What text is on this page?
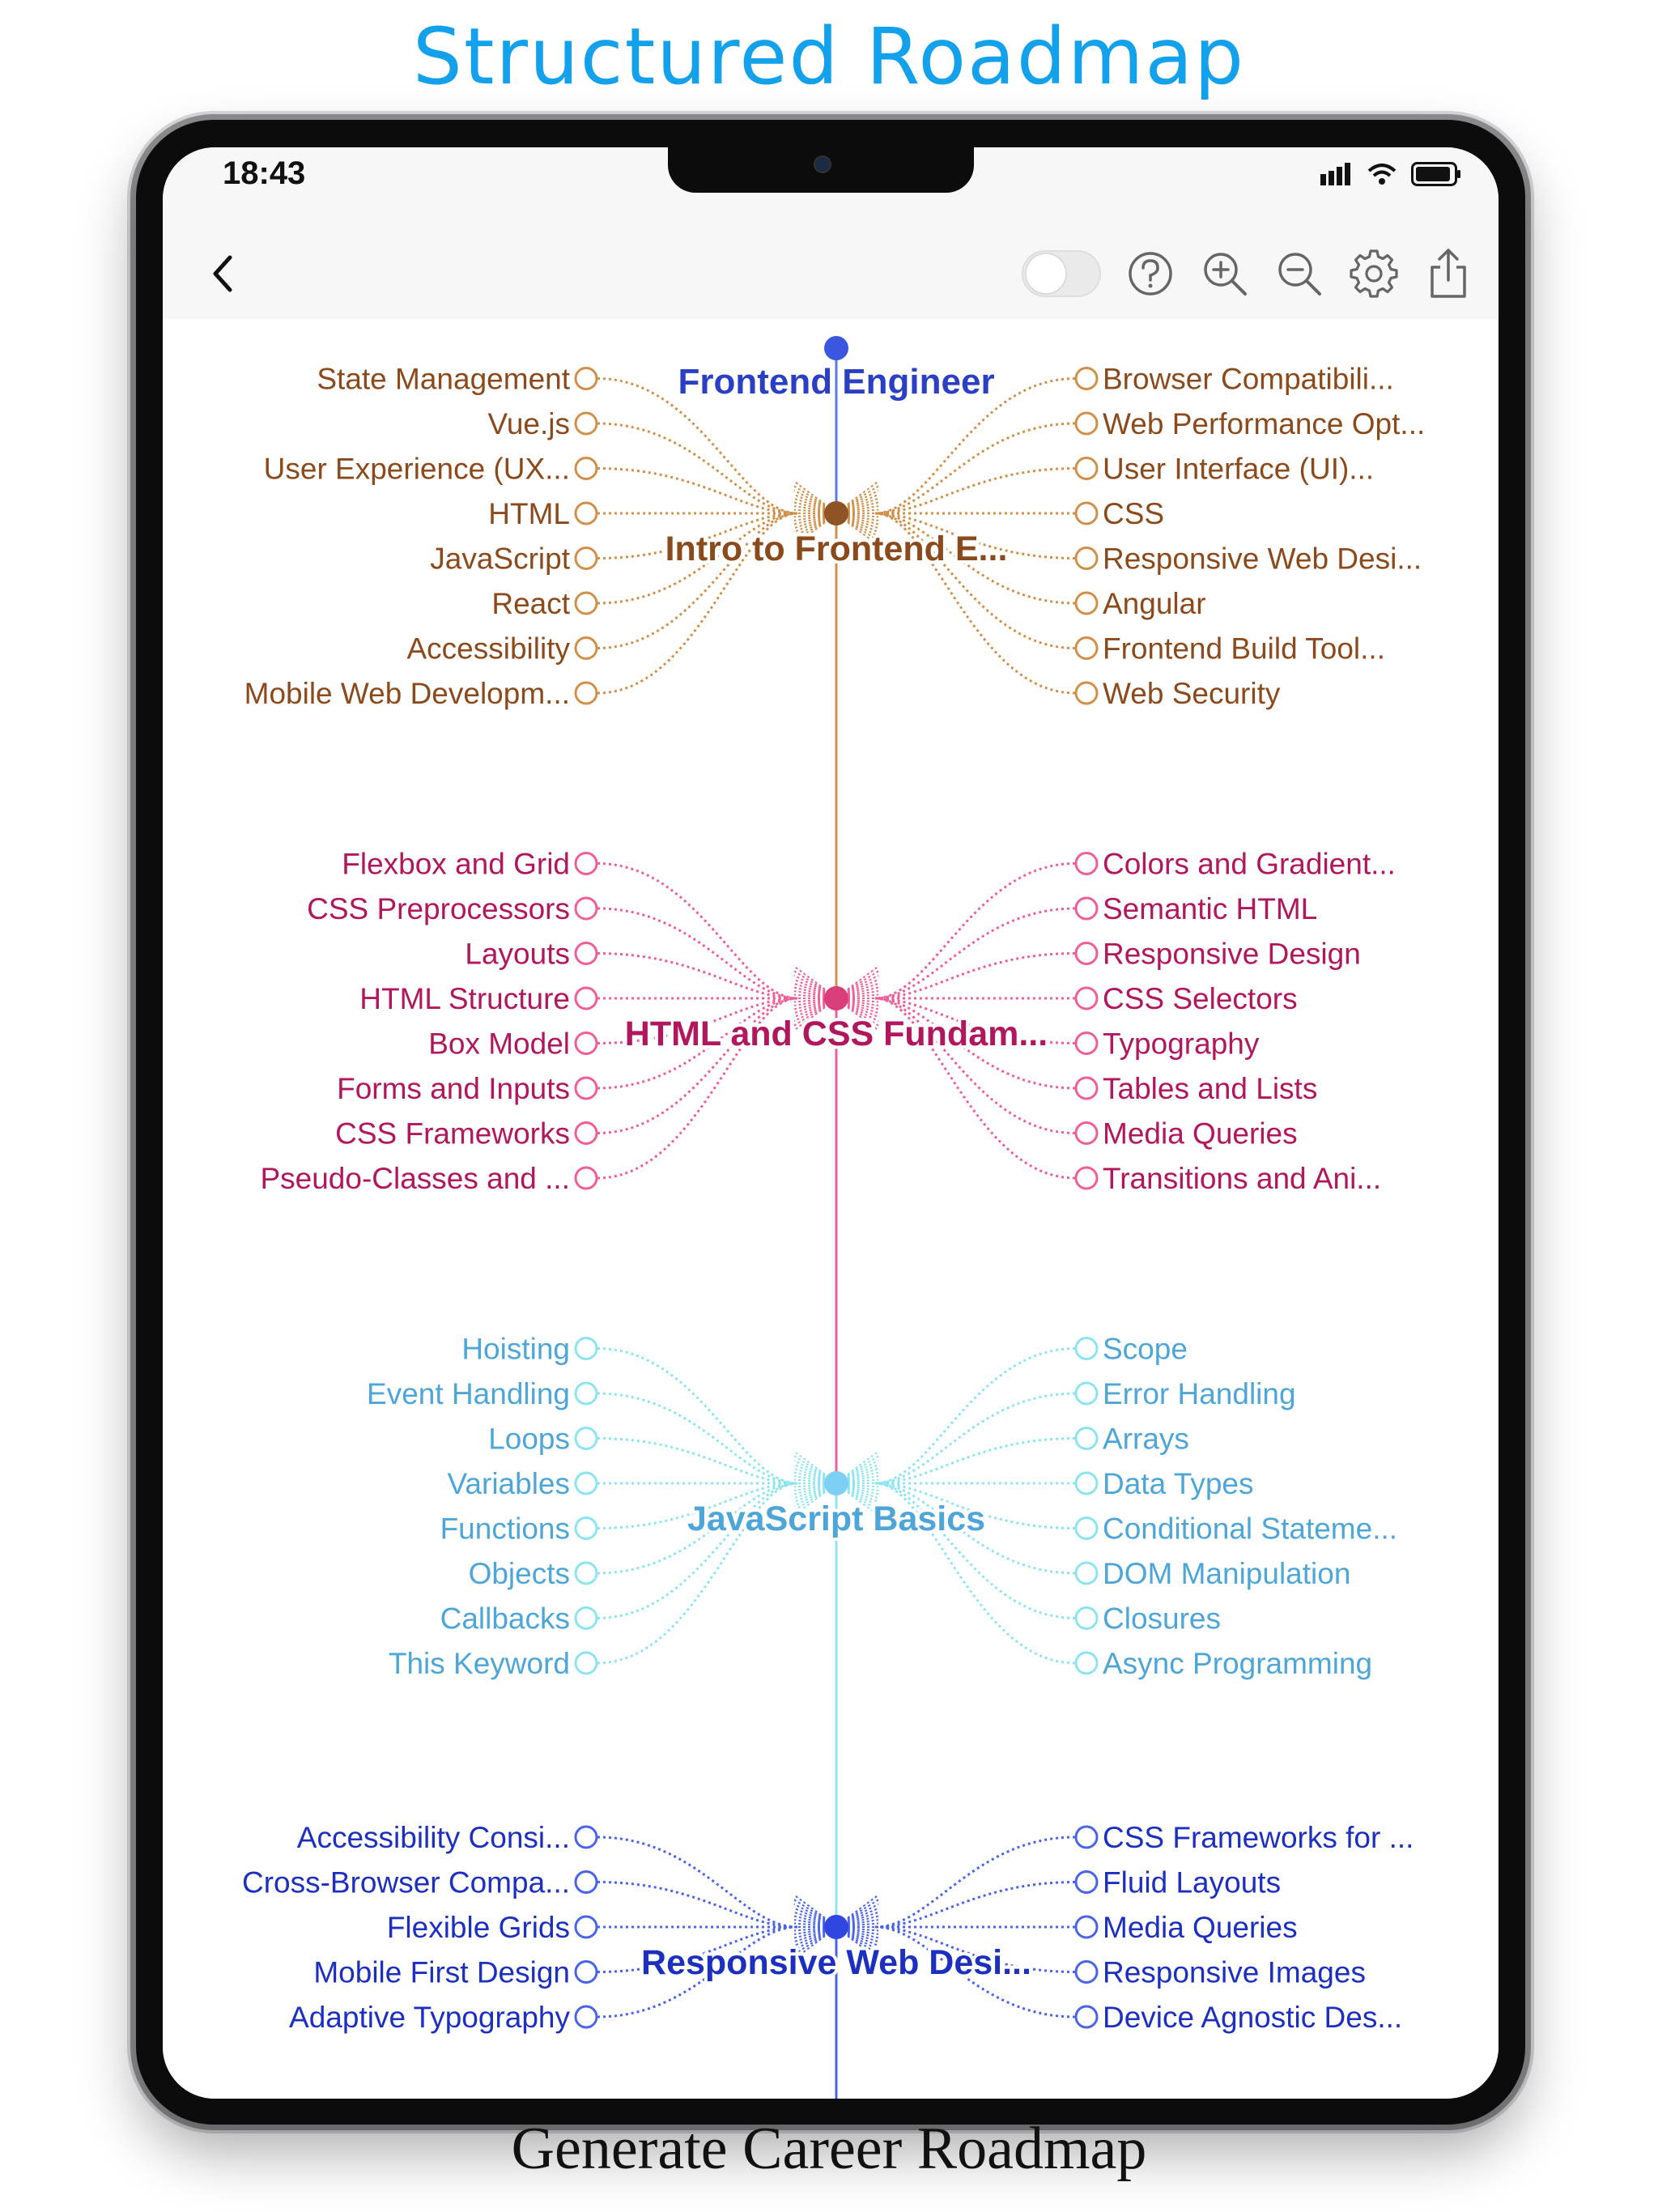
Structured Roadmap
18:43
Frontend Engineer
State Management
Vue.js
User Experience (UX...
HTML
JavaScript
React
Accessibility
Mobile Web Developm...
Browser Compatibili...
Web Performance Opt...
User Interface (UI)...
CSS
Responsive Web Desi...
Angular
Frontend Build Tool...
Web Security
Intro to Frontend E...
Flexbox and Grid
CSS Preprocessors
Layouts
HTML Structure
Box Model
Forms and Inputs
CSS Frameworks
Pseudo-Classes and ...
Colors and Gradient...
Semantic HTML
Responsive Design
CSS Selectors
Typography
Tables and Lists
Media Queries
Transitions and Ani...
HTML and CSS Fundam...
Hoisting
Event Handling
Loops
Variables
Functions
Objects
Callbacks
This Keyword
Scope
Error Handling
Arrays
Data Types
Conditional Stateme...
DOM Manipulation
Closures
Async Programming
JavaScript Basics
Accessibility Consi...
Cross-Browser Compa...
Flexible Grids
Mobile First Design
Adaptive Typography
CSS Frameworks for ...
Fluid Layouts
Media Queries
Responsive Images
Device Agnostic Des...
Responsive Web Desi...
Generate Career Roadmap
